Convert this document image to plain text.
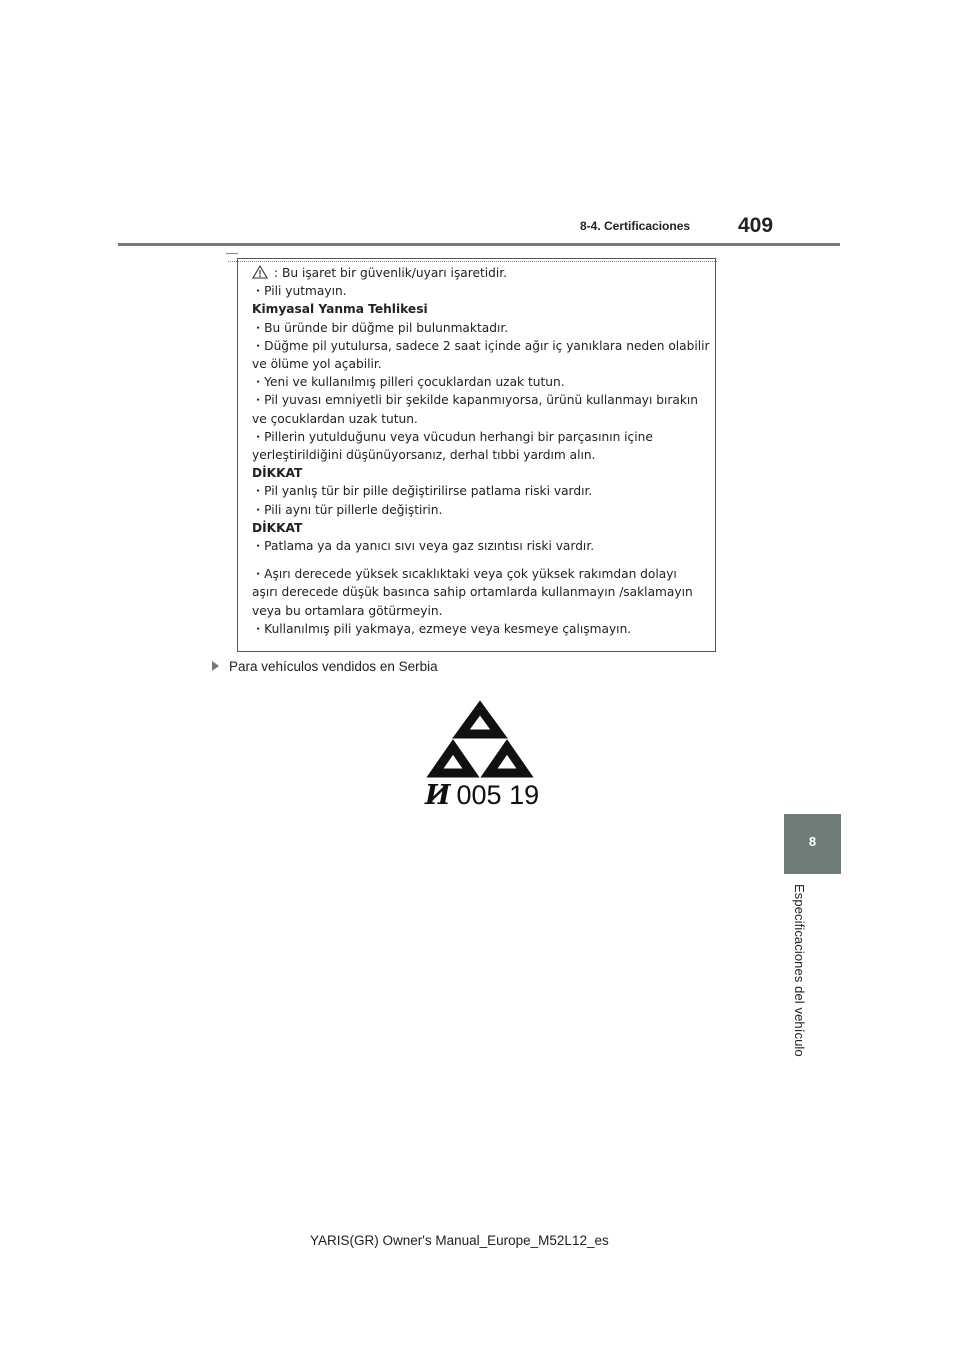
8-4. Certificaciones 409
: Bu işaret bir güvenlik/uyarı işaretidir.
・Pili yutmayın.
Kimyasal Yanma Tehlikesi
・Bu üründe bir düğme pil bulunmaktadır.
・Düğme pil yutulursa, sadece 2 saat içinde ağır iç yanıklara neden olabilir
ve ölüme yol açabilir.
・Yeni ve kullanılmış pilleri çocuklardan uzak tutun.
・Pil yuvası emniyetli bir şekilde kapanmıyorsa, ürünü kullanmayı bırakın
ve çocuklardan uzak tutun.
・Pillerin yutulduğunu veya vücudun herhangi bir parçasının içine
yerleştirildiğini düşünüyorsanız, derhal tıbbi yardım alın.
DİKKAT
・Pil yanlış tür bir pille değiştirilirse patlama riski vardır.
・Pili aynı tür pillerle değiştirin.
DİKKAT
・Patlama ya da yanıcı sıvı veya gaz sızıntısı riski vardır.
・Aşırı derecede yüksek sıcaklıktaki veya çok yüksek rakımdan dolayı
aşırı derecede düşük basınca sahip ortamlarda kullanmayın /saklamayın
veya bu ortamlara götürmeyin.
・Kullanılmış pili yakmaya, ezmeye veya kesmeye çalışmayın.
Para vehículos vendidos en Serbia
И 005 19
8
Especificaciones del vehículo
YARIS(GR) Owner's Manual_Europe_M52L12_es
